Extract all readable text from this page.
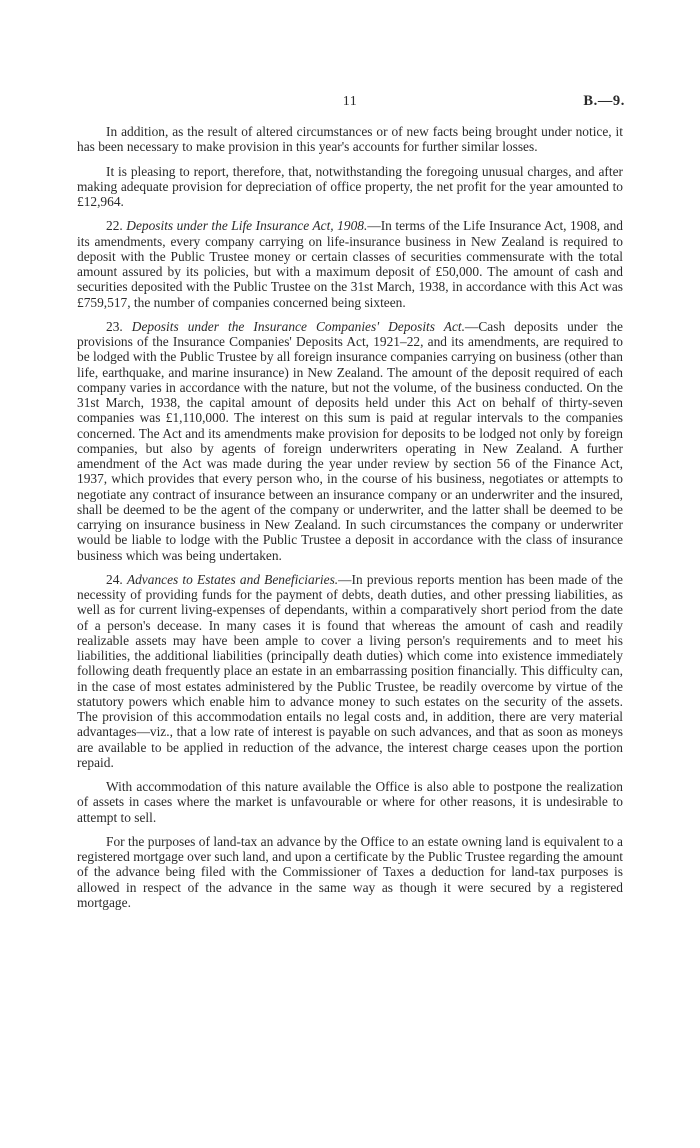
11	B.—9.

In addition, as the result of altered circumstances or of new facts being brought under notice, it has been necessary to make provision in this year's accounts for further similar losses.

It is pleasing to report, therefore, that, notwithstanding the foregoing unusual charges, and after making adequate provision for depreciation of office property, the net profit for the year amounted to £12,964.

22. Deposits under the Life Insurance Act, 1908.—In terms of the Life Insurance Act, 1908, and its amendments, every company carrying on life-insurance business in New Zealand is required to deposit with the Public Trustee money or certain classes of securities commensurate with the total amount assured by its policies, but with a maximum deposit of £50,000. The amount of cash and securities deposited with the Public Trustee on the 31st March, 1938, in accordance with this Act was £759,517, the number of companies concerned being sixteen.

23. Deposits under the Insurance Companies' Deposits Act.—Cash deposits under the provisions of the Insurance Companies' Deposits Act, 1921–22, and its amendments, are required to be lodged with the Public Trustee by all foreign insurance companies carrying on business (other than life, earthquake, and marine insurance) in New Zealand. The amount of the deposit required of each company varies in accordance with the nature, but not the volume, of the business conducted. On the 31st March, 1938, the capital amount of deposits held under this Act on behalf of thirty-seven companies was £1,110,000. The interest on this sum is paid at regular intervals to the companies concerned. The Act and its amendments make provision for deposits to be lodged not only by foreign companies, but also by agents of foreign underwriters operating in New Zealand. A further amendment of the Act was made during the year under review by section 56 of the Finance Act, 1937, which provides that every person who, in the course of his business, negotiates or attempts to negotiate any contract of insurance between an insurance company or an underwriter and the insured, shall be deemed to be the agent of the company or underwriter, and the latter shall be deemed to be carrying on insurance business in New Zealand. In such circumstances the company or underwriter would be liable to lodge with the Public Trustee a deposit in accordance with the class of insurance business which was being undertaken.

24. Advances to Estates and Beneficiaries.—In previous reports mention has been made of the necessity of providing funds for the payment of debts, death duties, and other pressing liabilities, as well as for current living-expenses of dependants, within a comparatively short period from the date of a person's decease. In many cases it is found that whereas the amount of cash and readily realizable assets may have been ample to cover a living person's requirements and to meet his liabilities, the additional liabilities (principally death duties) which come into existence immediately following death frequently place an estate in an embarrassing position financially. This difficulty can, in the case of most estates administered by the Public Trustee, be readily overcome by virtue of the statutory powers which enable him to advance money to such estates on the security of the assets. The provision of this accommodation entails no legal costs and, in addition, there are very material advantages—viz., that a low rate of interest is payable on such advances, and that as soon as moneys are available to be applied in reduction of the advance, the interest charge ceases upon the portion repaid.

With accommodation of this nature available the Office is also able to postpone the realization of assets in cases where the market is unfavourable or where for other reasons, it is undesirable to attempt to sell.

For the purposes of land-tax an advance by the Office to an estate owning land is equivalent to a registered mortgage over such land, and upon a certificate by the Public Trustee regarding the amount of the advance being filed with the Commissioner of Taxes a deduction for land-tax purposes is allowed in respect of the advance in the same way as though it were secured by a registered mortgage.
